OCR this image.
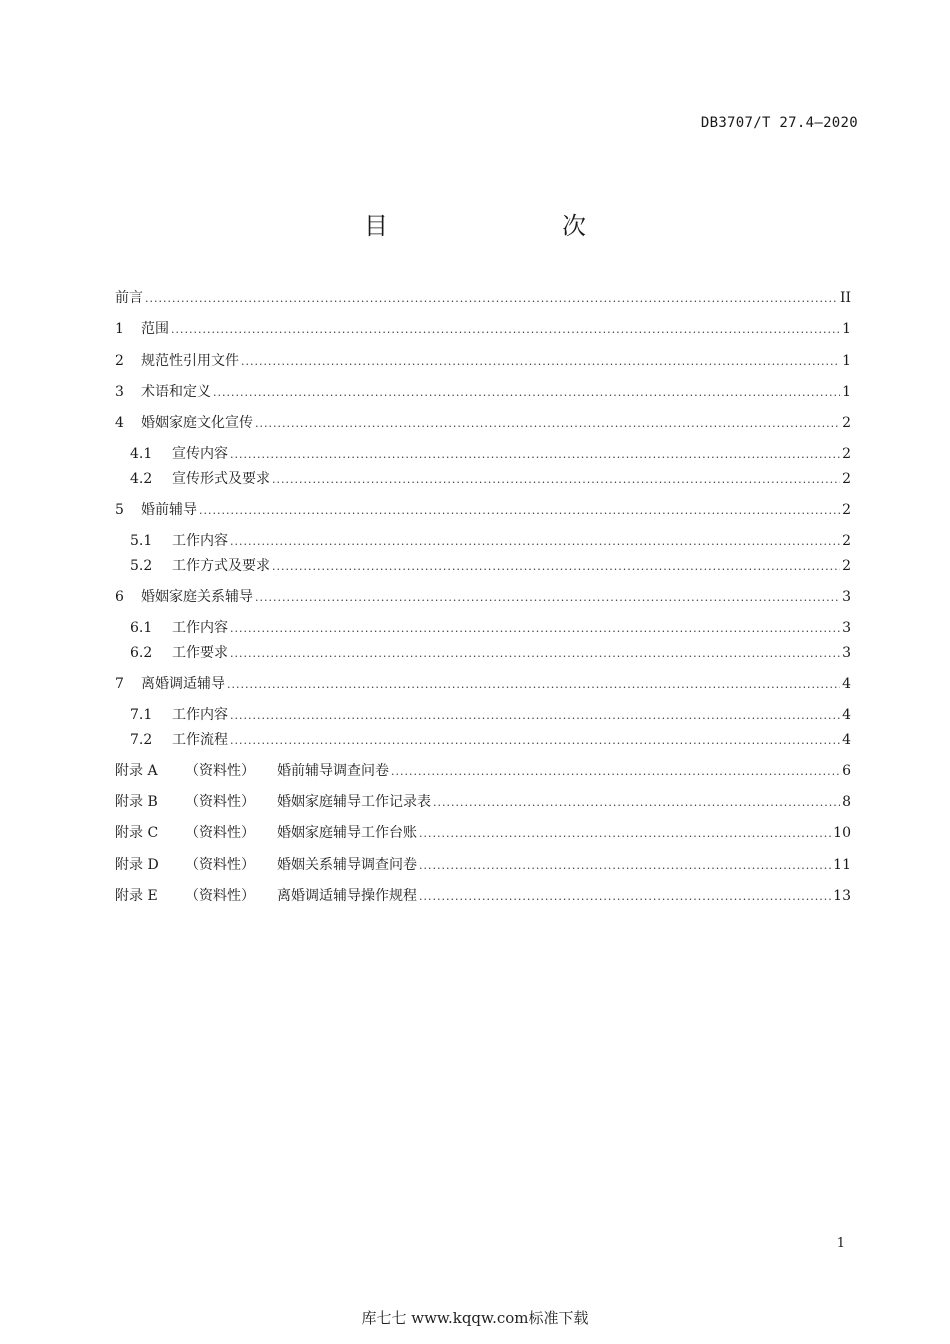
DB3707/T 27.4—2020
目　　次
前言 .....	II
1	范围 .....	1
2	规范性引用文件 .....	1
3	术语和定义 .....	1
4	婚姻家庭文化宣传 .....	2
4.1	宣传内容 .....	2
4.2	宣传形式及要求 .....	2
5	婚前辅导 .....	2
5.1	工作内容 .....	2
5.2	工作方式及要求 .....	2
6	婚姻家庭关系辅导 .....	3
6.1	工作内容 .....	3
6.2	工作要求 .....	3
7	离婚调适辅导 .....	4
7.1	工作内容 .....	4
7.2	工作流程 .....	4
附录 A	（资料性）	婚前辅导调查问卷 .....	6
附录 B	（资料性）	婚姻家庭辅导工作记录表 .....	8
附录 C	（资料性）	婚姻家庭辅导工作台账 .....	10
附录 D	（资料性）	婚姻关系辅导调查问卷 .....	11
附录 E	（资料性）	离婚调适辅导操作规程 .....	13
1
库七七 www.kqqw.com标准下载
